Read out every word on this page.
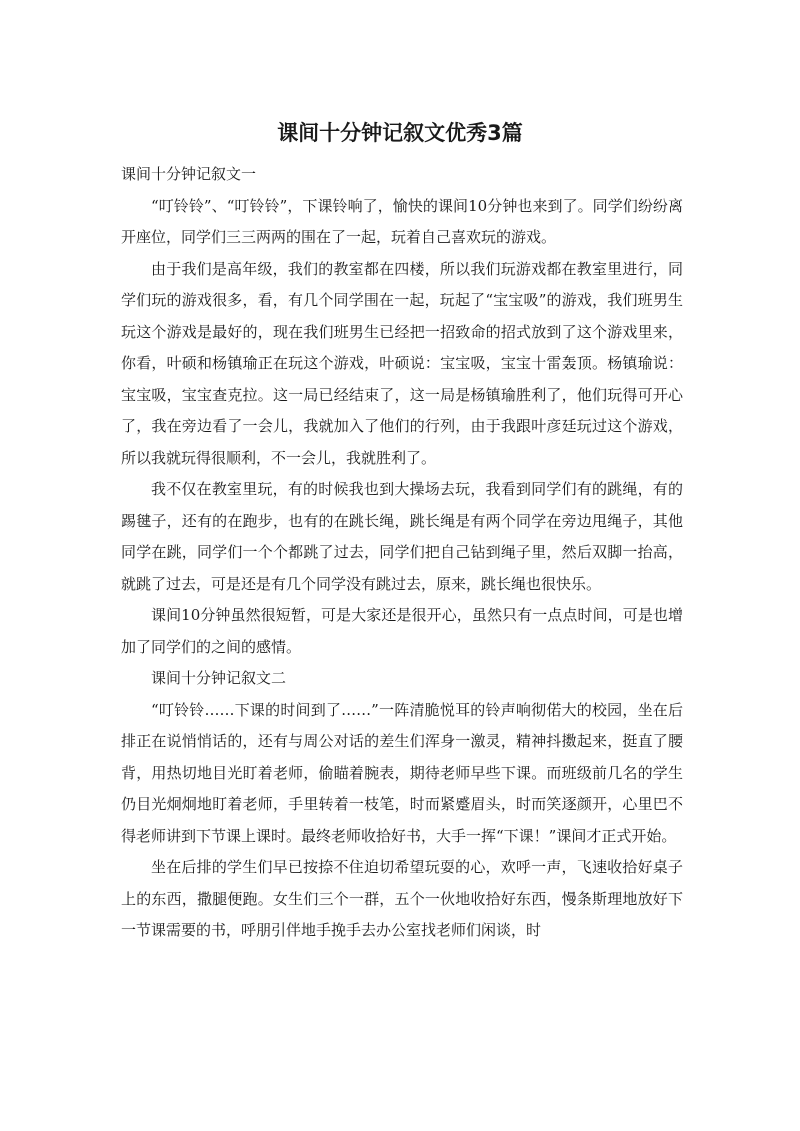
课间十分钟记叙文优秀3篇

课间十分钟记叙文一

“叮铃铃”、“叮铃铃”，下课铃响了，愉快的课间10分钟也来到了。同学们纷纷离开座位，同学们三三两两的围在了一起，玩着自己喜欢玩的游戏。

由于我们是高年级，我们的教室都在四楼，所以我们玩游戏都在教室里进行，同学们玩的游戏很多，看，有几个同学围在一起，玩起了“宝宝吸”的游戏，我们班男生玩这个游戏是最好的，现在我们班男生已经把一招致命的招式放到了这个游戏里来，你看，叶硕和杨镇瑜正在玩这个游戏，叶硕说：宝宝吸，宝宝十雷轰顶。杨镇瑜说：宝宝吸，宝宝查克拉。这一局已经结束了，这一局是杨镇瑜胜利了，他们玩得可开心了，我在旁边看了一会儿，我就加入了他们的行列，由于我跟叶彦廷玩过这个游戏，所以我就玩得很顺利，不一会儿，我就胜利了。

我不仅在教室里玩，有的时候我也到大操场去玩，我看到同学们有的跳绳，有的踢毽子，还有的在跑步，也有的在跳长绳，跳长绳是有两个同学在旁边甩绳子，其他同学在跳，同学们一个个都跳了过去，同学们把自己钻到绳子里，然后双脚一抬高，就跳了过去，可是还是有几个同学没有跳过去，原来，跳长绳也很快乐。

课间10分钟虽然很短暂，可是大家还是很开心，虽然只有一点点时间，可是也增加了同学们的之间的感情。

课间十分钟记叙文二

“叮铃铃……下课的时间到了……”一阵清脆悦耳的铃声响彻偌大的校园，坐在后排正在说悄悄话的，还有与周公对话的差生们浑身一激灵，精神抖擞起来，挺直了腰背，用热切地目光盯着老师，偷瞄着腕表，期待老师早些下课。而班级前几名的学生仍目光炯炯地盯着老师，手里转着一枝笔，时而紧蹙眉头，时而笑逐颜开，心里巴不得老师讲到下节课上课时。最终老师收拾好书，大手一挥“下课！”课间才正式开始。

坐在后排的学生们早已按捺不住迫切希望玩耍的心，欢呼一声，飞速收拾好桌子上的东西，撒腿便跑。女生们三个一群，五个一伙地收拾好东西，慢条斯理地放好下一节课需要的书，呼朋引伴地手挽手去办公室找老师们闲谈，时
